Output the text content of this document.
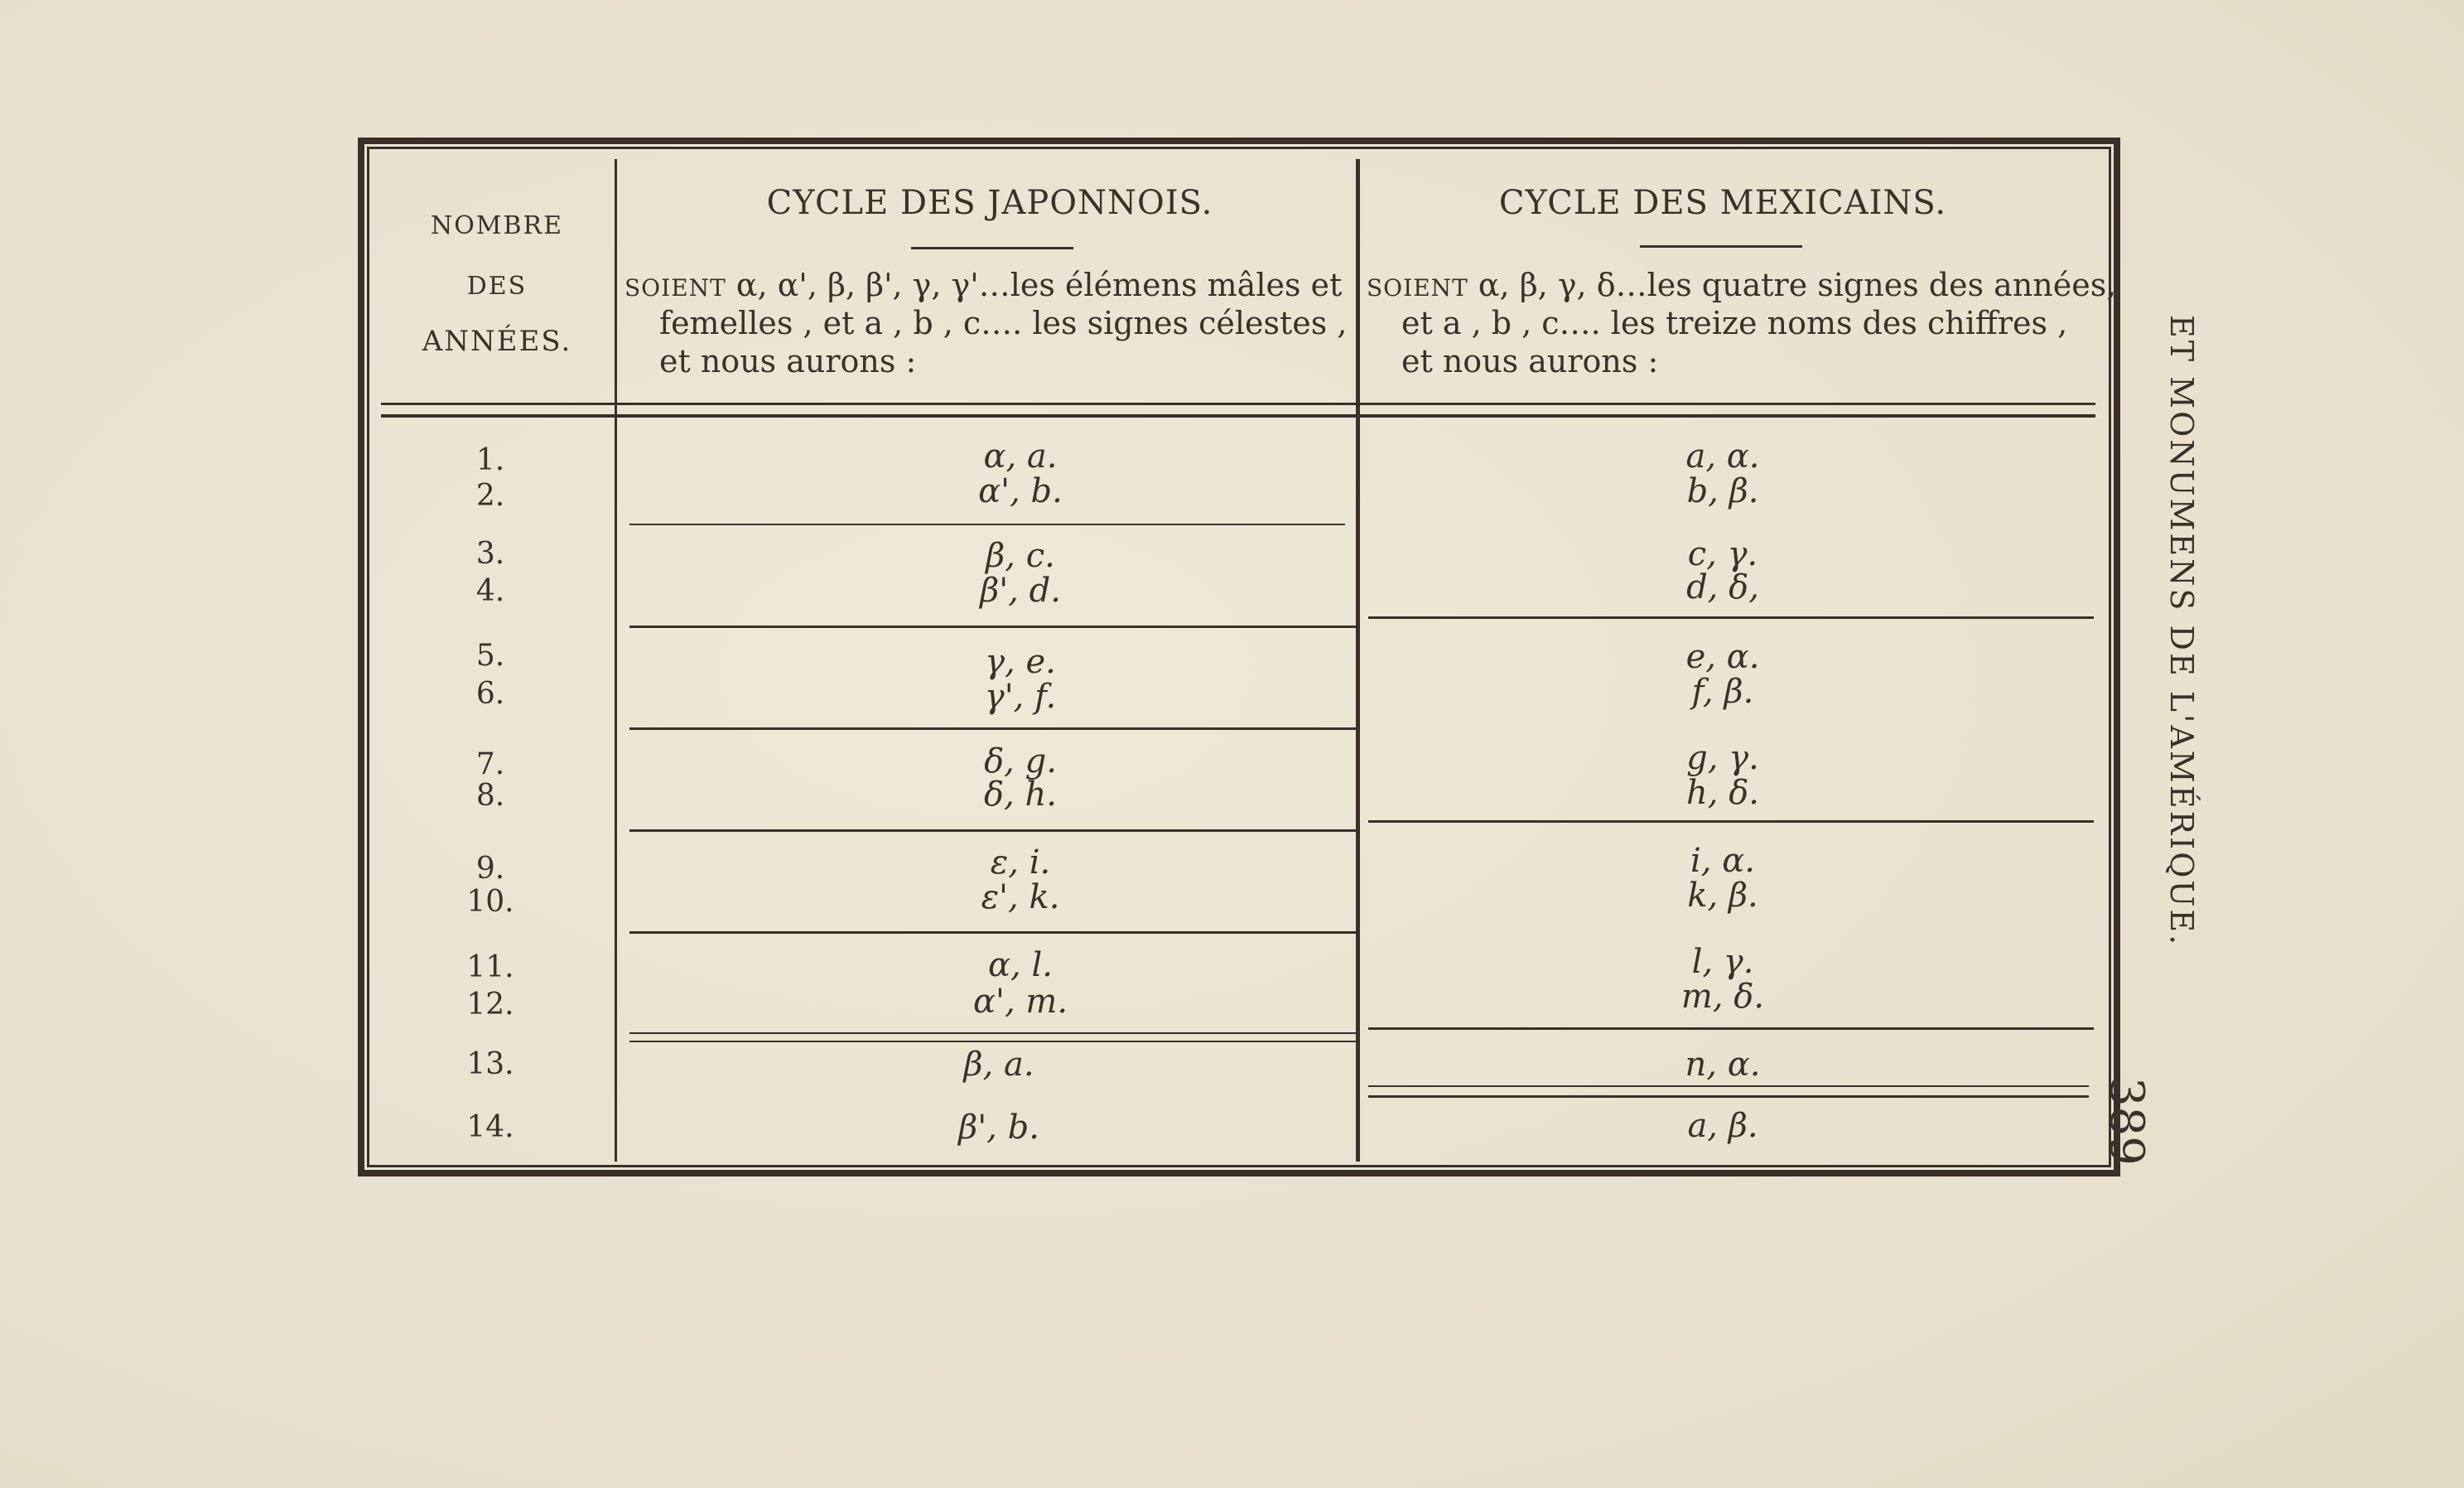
NOMBRE
DES
ANNÉES.
CYCLE DES JAPONNOIS.
SOIENT α, α', β, β', γ, γ'…les élémens mâles et
femelles , et a , b , c…. les signes célestes ,
et nous aurons :
CYCLE DES MEXICAINS.
SOIENT α, β, γ, δ…les quatre signes des années,
et a , b , c…. les treize noms des chiffres ,
et nous aurons :
1.
2.
3.
4.
5.
6.
7.
8.
9.
10.
11.
12.
13.
14.
α, a.
α', b.
β, c.
β', d.
γ, e.
γ', f.
δ, g.
δ, h.
ε, i.
ε', k.
α, l.
α', m.
β, a.
β', b.
a, α.
b, β.
c, γ.
d, δ,
e, α.
f, β.
g, γ.
h, δ.
i, α.
k, β.
l, γ.
m, δ.
n, α.
a, β.
ET MONUMENS DE L'AMÉRIQUE.
389
